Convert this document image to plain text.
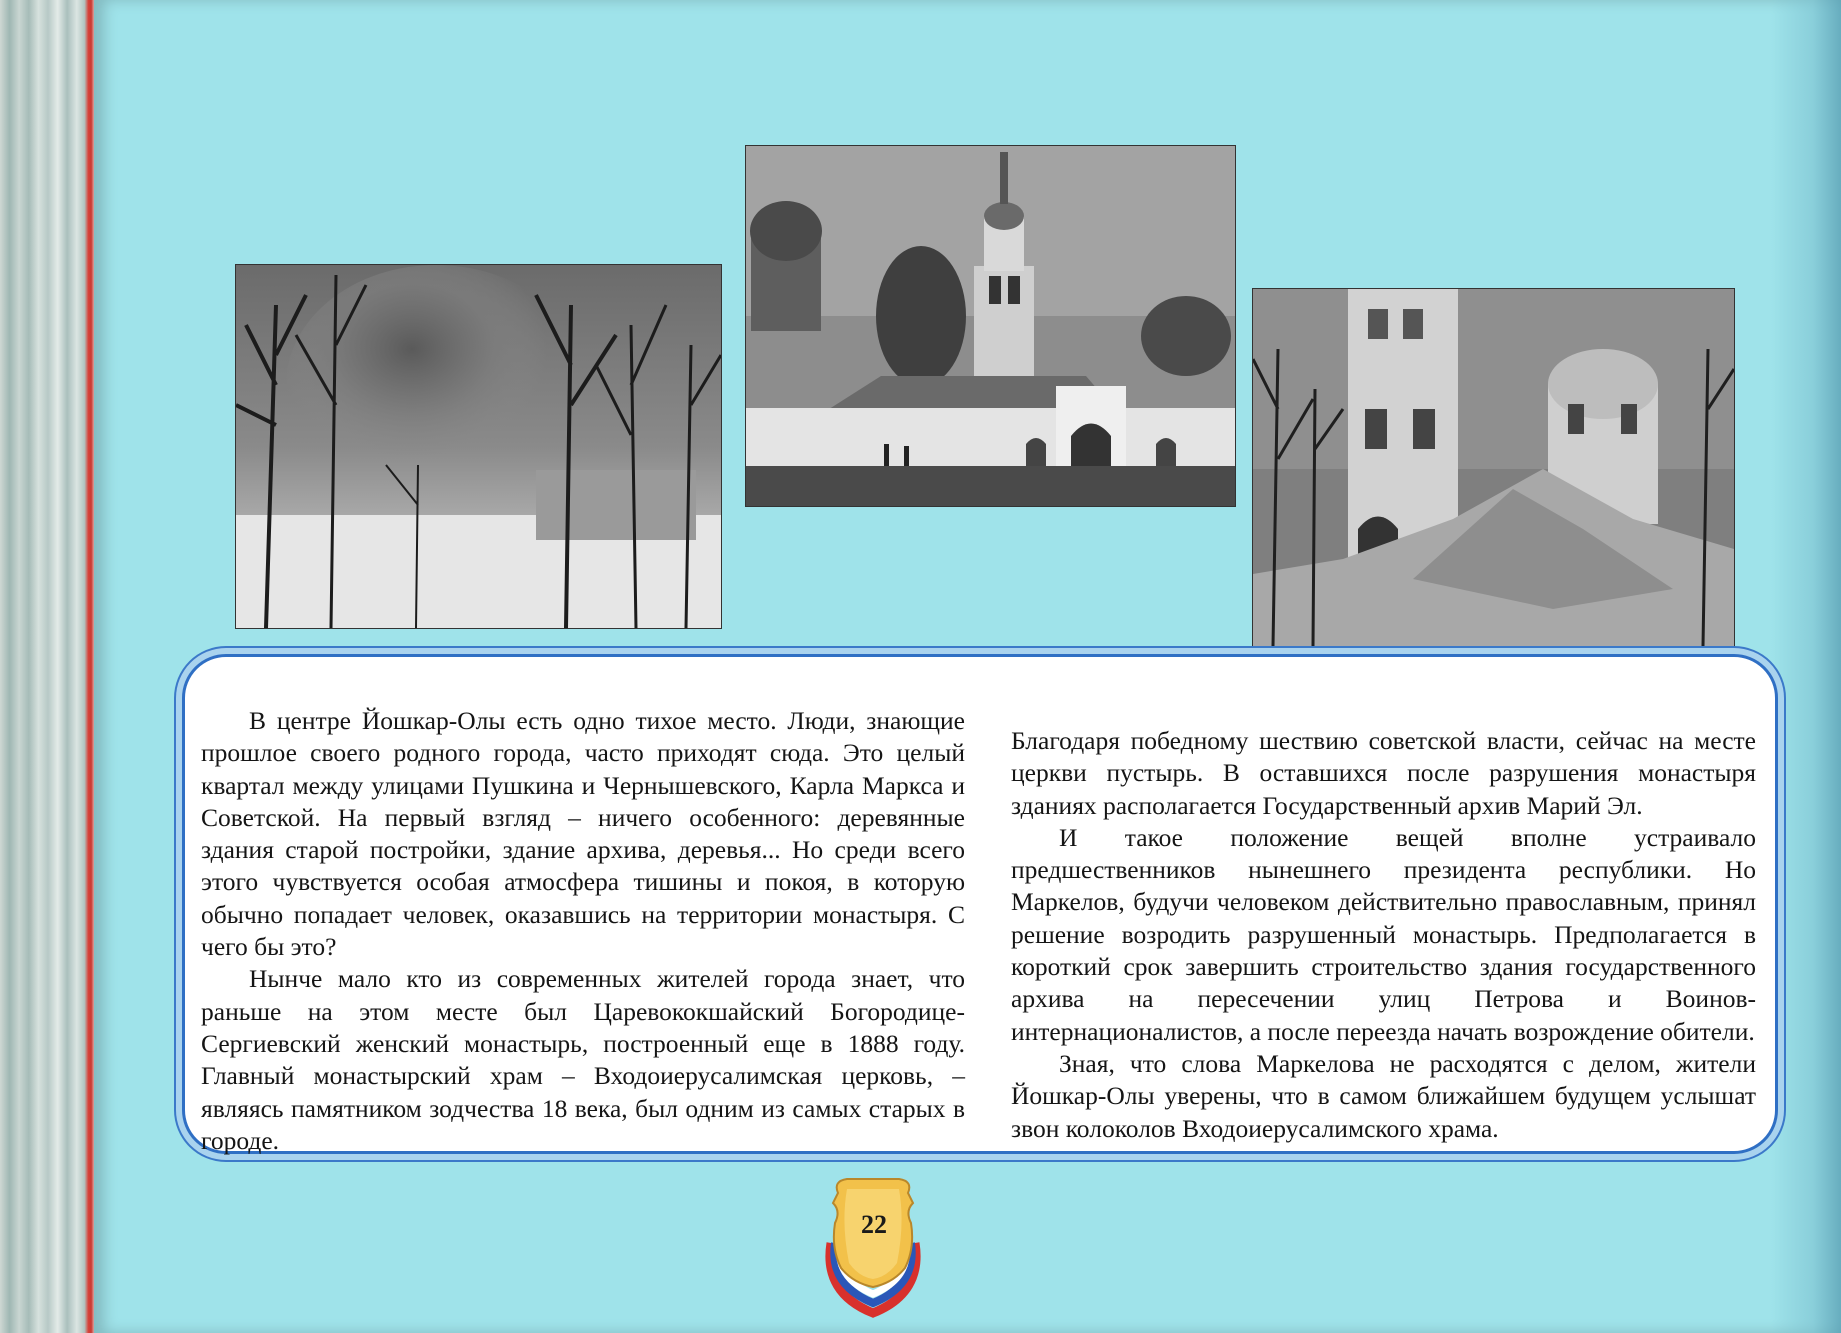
В центре Йошкар-Олы есть одно тихое место. Люди, знающие прошлое своего родного города, часто приходят сюда. Это целый квартал между улицами Пушкина и Чернышевского, Карла Маркса и Советской. На первый взгляд – ничего особенного: деревянные здания старой постройки, здание архива, деревья... Но среди всего этого чувствуется особая атмосфера тишины и покоя, в которую обычно попадает человек, оказавшись на территории монастыря. С чего бы это?

Нынче мало кто из современных жителей города знает, что раньше на этом месте был Царевококшайский Богородице-Сергиевский женский монастырь, построенный еще в 1888 году. Главный монастырский храм – Входоиерусалимская церковь, – являясь памятником зодчества 18 века, был одним из самых старых в городе.

Благодаря победному шествию советской власти, сейчас на месте церкви пустырь. В оставшихся после разрушения монастыря зданиях располагается Государственный архив Марий Эл.

И такое положение вещей вполне устраивало предшественников нынешнего президента республики. Но Маркелов, будучи человеком действительно православным, принял решение возродить разрушенный монастырь. Предполагается в короткий срок завершить строительство здания государственного архива на пересечении улиц Петрова и Воинов-интернационалистов, а после переезда начать возрождение обители.

Зная, что слова Маркелова не расходятся с делом, жители Йошкар-Олы уверены, что в самом ближайшем будущем услышат звон колоколов Входоиерусалимского храма.

22
